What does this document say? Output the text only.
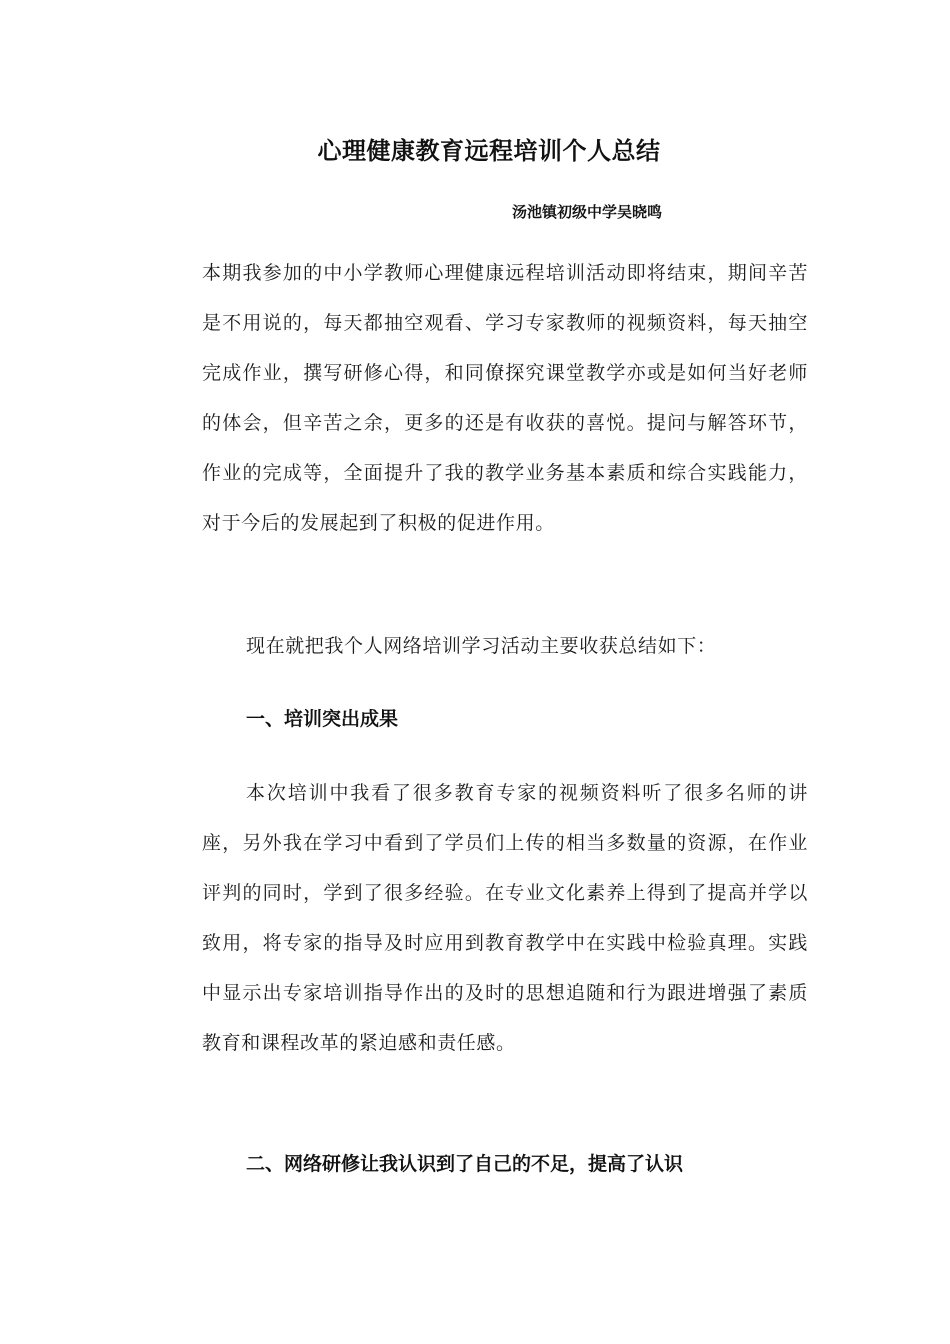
心理健康教育远程培训个人总结
汤池镇初级中学吴晓鸣

本期我参加的中小学教师心理健康远程培训活动即将结束，期间辛苦是不用说的，每天都抽空观看、学习专家教师的视频资料，每天抽空完成作业，撰写研修心得，和同僚探究课堂教学亦或是如何当好老师的体会，但辛苦之余，更多的还是有收获的喜悦。提问与解答环节，作业的完成等，全面提升了我的教学业务基本素质和综合实践能力，对于今后的发展起到了积极的促进作用。

现在就把我个人网络培训学习活动主要收获总结如下：

一、培训突出成果

本次培训中我看了很多教育专家的视频资料听了很多名师的讲座，另外我在学习中看到了学员们上传的相当多数量的资源，在作业评判的同时，学到了很多经验。在专业文化素养上得到了提高并学以致用，将专家的指导及时应用到教育教学中在实践中检验真理。实践中显示出专家培训指导作出的及时的思想追随和行为跟进增强了素质教育和课程改革的紧迫感和责任感。

二、网络研修让我认识到了自己的不足，提高了认识
